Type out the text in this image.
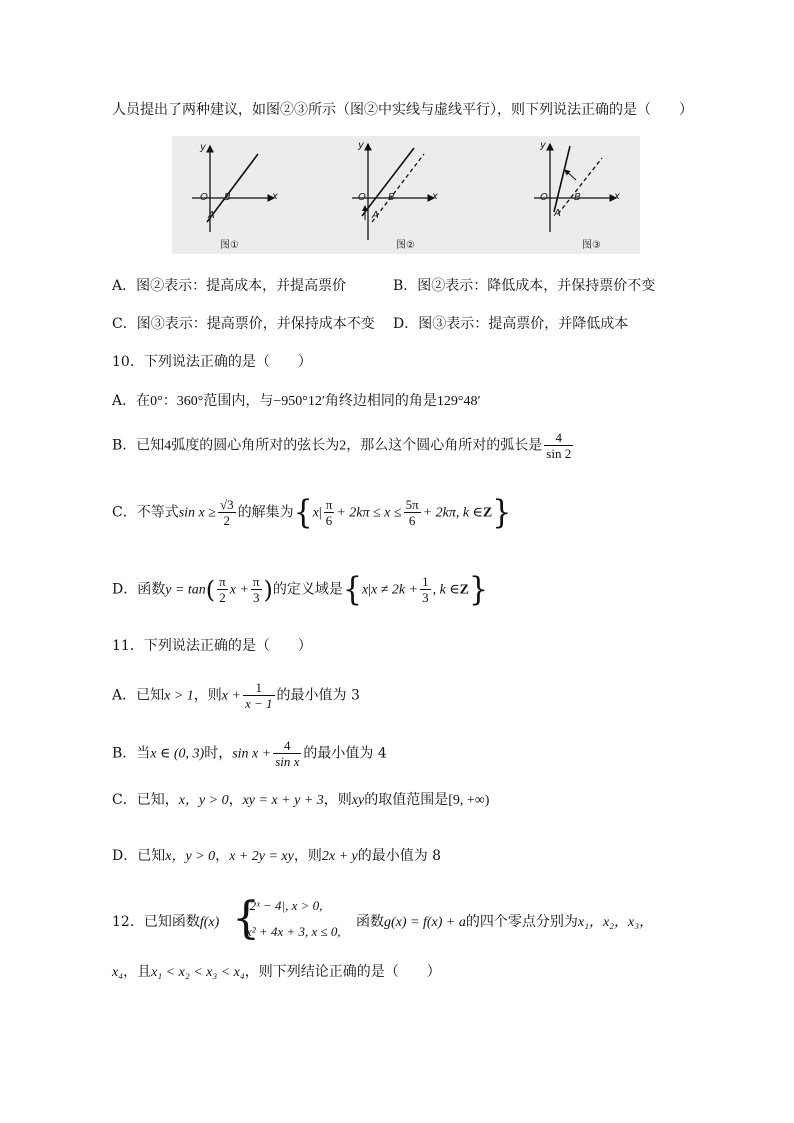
人员提出了两种建议，如图②③所示（图②中实线与虚线平行），则下列说法正确的是（　　）
y
x
O B
A
图①
y
x
O B
A
图②
y
x
O	B
A
图③
A．图②表示：提高成本，并提高票价	B．图②表示：降低成本，并保持票价不变
C．图③表示：提高票价，并保持成本不变 D．图③表示：提高票价，并降低成本
10．下列说法正确的是（　　）
A．在0°：360°范围内，与−950°12′角终边相同的角是129°48′
B．已知4弧度的圆心角所对的弦长为2，那么这个圆心角所对的弧长是 $\frac{4}{\sin 2}$
C．不等式$\sin x \ge \frac{√3}{2}$ 的解集为{$x| \frac{\pi}{6} + 2k\pi \le x \le \frac{5\pi}{6} + 2k\pi$, k ∈Z}
D．函数$y = \tan( \frac{\pi}{2}$ $x + \frac{\pi}{3}$ )的定义域是{$x|x \ne 2k + \frac{1}{3}$ , k ∈Z}
11．下列说法正确的是（　　）
A．已知x > 1，则$x + \frac{1}{x - 1}$ 的最小值为 3
B．当x ∈ (0, 3)时，$\sin x + \frac{4}{\text{sin x}}$ 的最小值为 4
C．已知，x，y > 0，xy = x + y + 3，则xy的取值范围是[9, +∞)
D．已知x，y > 0，x + 2y = xy，则2x + y的最小值为 8
12．已知函数f(x) {
|2ˣ − 4|, x > 0,
x² + 4x + 3, x ≤ 0,
函数g(x) = f(x) + a的四个零点分别为x₁，x₂，x₃，
x₄，且x₁ < x₂ < x₃ < x₄，则下列结论正确的是（　　）
